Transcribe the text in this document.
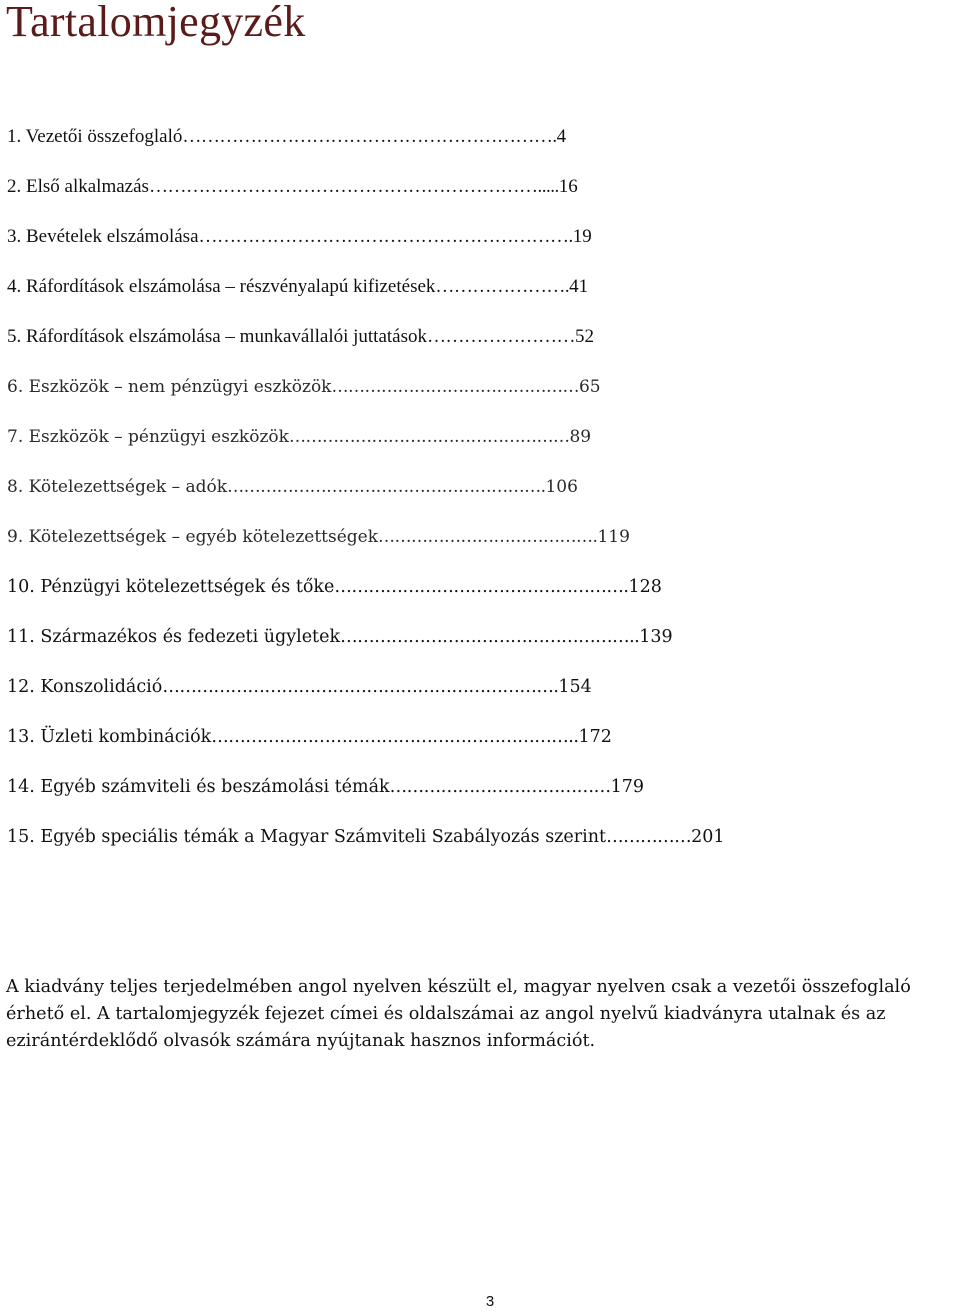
Tartalomjegyzék
1. Vezetői összefoglaló ……………………………………………………. 4
2. Első alkalmazás ………………………………………………………..... 16
3. Bevételek elszámolása ……………………………………………………. 19
4. Ráfordítások elszámolása – részvényalapú kifizetések …………………. 41
5. Ráfordítások elszámolása – munkavállalói juttatások …………………… 52
6. Eszközök – nem pénzügyi eszközök ……………………………………… 65
7. Eszközök – pénzügyi eszközök …………………………………………… 89
8. Kötelezettségek – adók …………………………………………………. 106
9. Kötelezettségek – egyéb kötelezettségek …………………………………. 119
10. Pénzügyi kötelezettségek és tőke ……………………………………………. 128
11. Származékos és fedezeti ügyletek …………………………………………….. 139
12. Konszolidáció ……………………………………………………………. 154
13. Üzleti kombinációk ……………………………………………………….. 172
14. Egyéb számviteli és beszámolási témák ………………………………… 179
15. Egyéb speciális témák a Magyar Számviteli Szabályozás szerint …………… 201

A kiadvány teljes terjedelmében angol nyelven készült el, magyar nyelven csak a vezetői összefoglaló érhető el. A tartalomjegyzék fejezet címei és oldalszámai az angol nyelvű kiadványra utalnak és az ezirántérdeklődő olvasók számára nyújtanak hasznos információt.

3
